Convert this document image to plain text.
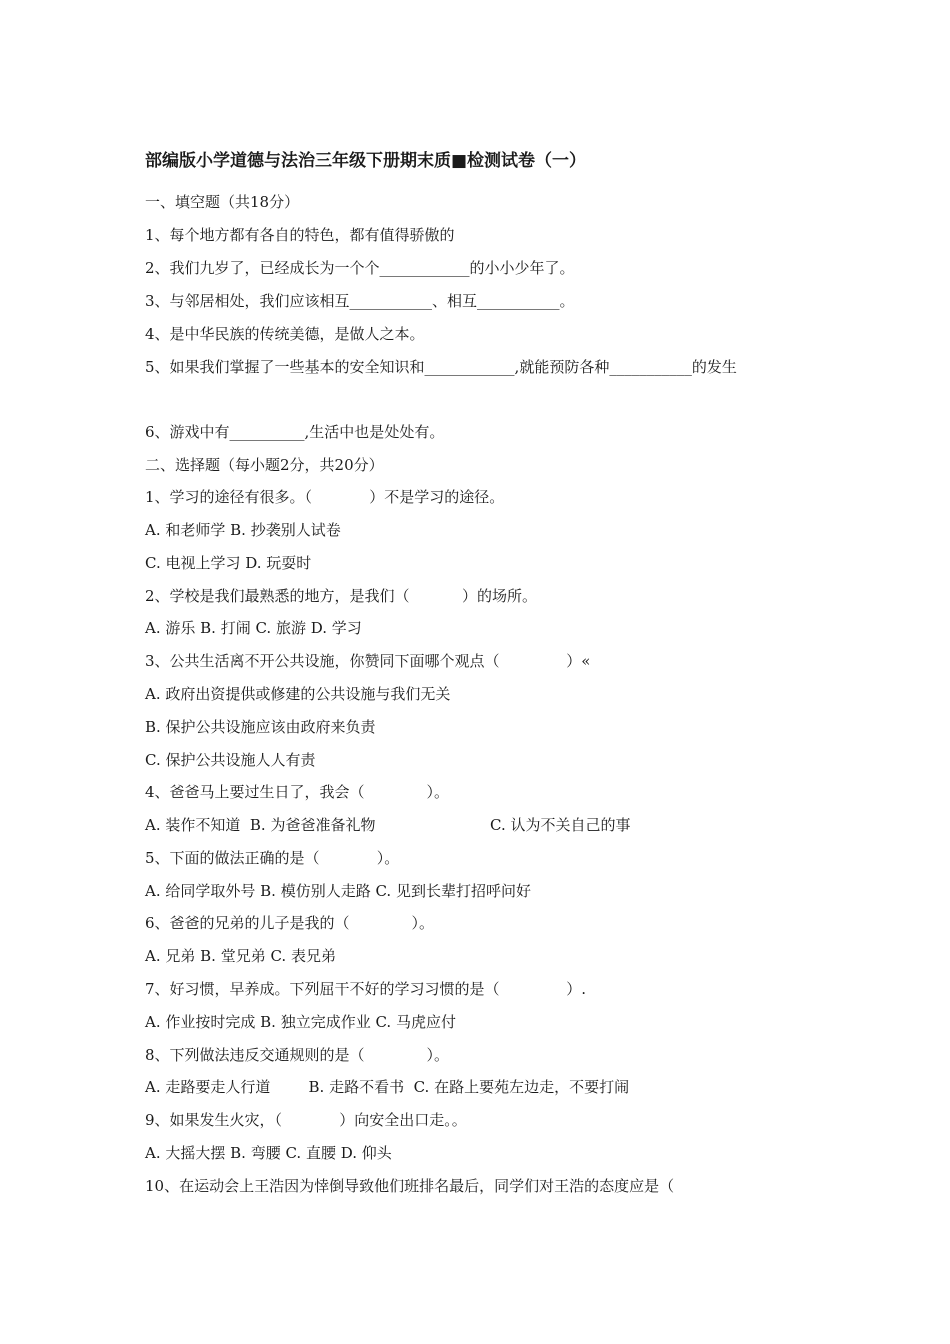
部编版小学道德与法治三年级下册期末质■检测试卷（一）
一、填空题（共18分）
1、每个地方都有各自的特色，都有值得骄傲的
2、我们九岁了，已经成长为一个个____________的小小少年了。
3、与邻居相处，我们应该相互___________、相互___________。
4、是中华民族的传统美德，是做人之本。
5、如果我们掌握了一些基本的安全知识和____________,就能预防各种___________的发生
6、游戏中有__________,生活中也是处处有。
二、选择题（每小题2分，共20分）
1、学习的途径有很多。（            ）不是学习的途径。
A. 和老师学 B. 抄袭别人试卷
C. 电视上学习 D. 玩耍时
2、学校是我们最熟悉的地方，是我们（           ）的场所。
A. 游乐 B. 打闹 C. 旅游 D. 学习
3、公共生活离不开公共设施，你赞同下面哪个观点（              ）«
A. 政府出资提供或修建的公共设施与我们无关
B. 保护公共设施应该由政府来负责
C. 保护公共设施人人有责
4、爸爸马上要过生日了，我会（             ）。
A. 装作不知道  B. 为爸爸准备礼物	C. 认为不关自己的事
5、下面的做法正确的是（            ）。
A. 给同学取外号 B. 模仿别人走路 C. 见到长辈打招呼问好
6、爸爸的兄弟的儿子是我的（             ）。
A. 兄弟 B. 堂兄弟 C. 表兄弟
7、好习惯，早养成。下列屈干不好的学习习惯的是（              ）.
A. 作业按时完成 B. 独立完成作业 C. 马虎应付
8、下列做法违反交通规则的是（             ）。
A. 走路要走人行道        B. 走路不看书  C. 在路上要苑左边走，不要打闹
9、如果发生火灾，（            ）向安全出口走。。
A. 大摇大摆 B. 弯腰 C. 直腰 D. 仰头
10、在运动会上王浩因为悻倒导致他们班排名最后，同学们对王浩的态度应是（
